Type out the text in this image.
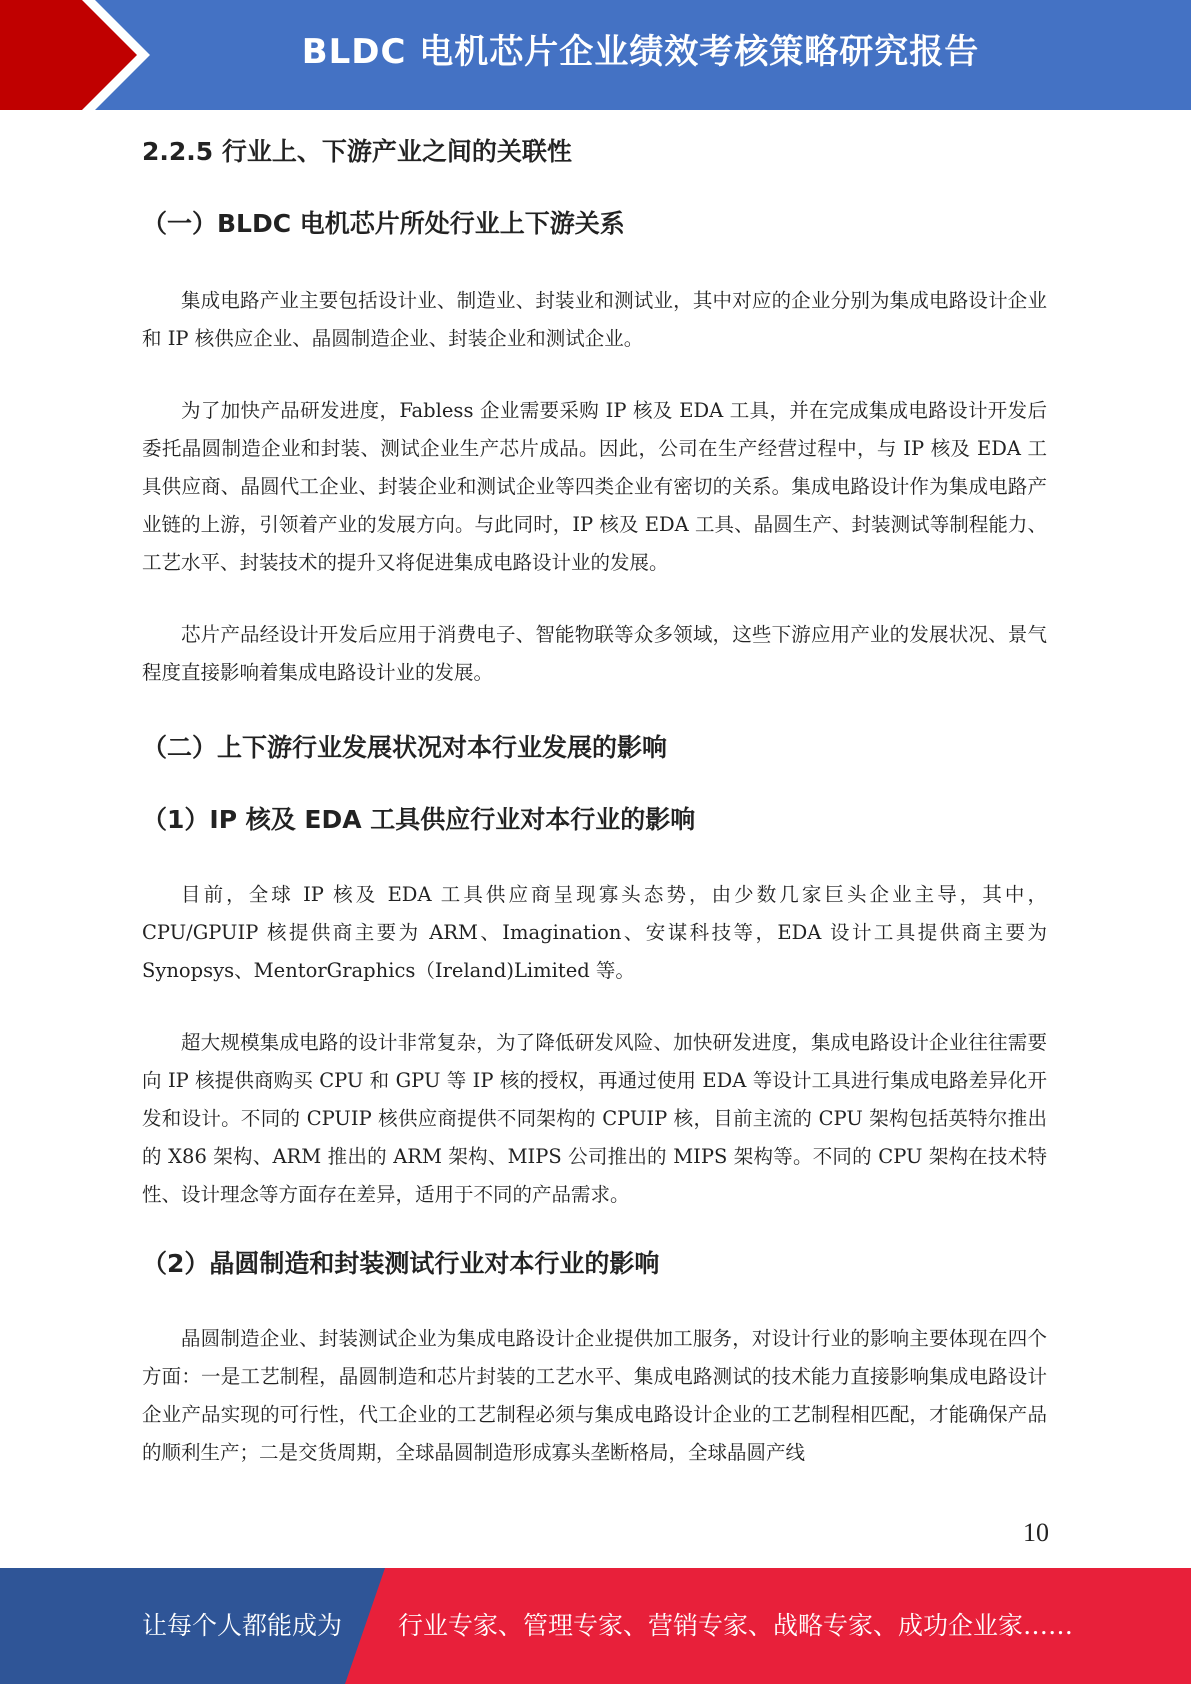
BLDC 电机芯片企业绩效考核策略研究报告
2.2.5 行业上、下游产业之间的关联性
（一）BLDC 电机芯片所处行业上下游关系

集成电路产业主要包括设计业、制造业、封装业和测试业，其中对应的企业分别为集成电路设计企业和 IP 核供应企业、晶圆制造企业、封装企业和测试企业。

为了加快产品研发进度，Fabless 企业需要采购 IP 核及 EDA 工具，并在完成集成电路设计开发后委托晶圆制造企业和封装、测试企业生产芯片成品。因此，公司在生产经营过程中，与 IP 核及 EDA 工具供应商、晶圆代工企业、封装企业和测试企业等四类企业有密切的关系。集成电路设计作为集成电路产业链的上游，引领着产业的发展方向。与此同时，IP 核及 EDA 工具、晶圆生产、封装测试等制程能力、工艺水平、封装技术的提升又将促进集成电路设计业的发展。

芯片产品经设计开发后应用于消费电子、智能物联等众多领域，这些下游应用产业的发展状况、景气程度直接影响着集成电路设计业的发展。

（二）上下游行业发展状况对本行业发展的影响
（1）IP 核及 EDA 工具供应行业对本行业的影响

目前，全球 IP 核及 EDA 工具供应商呈现寡头态势，由少数几家巨头企业主导，其中，CPU/GPUIP 核提供商主要为 ARM、Imagination、安谋科技等，EDA 设计工具提供商主要为 Synopsys、MentorGraphics（Ireland)Limited 等。

超大规模集成电路的设计非常复杂，为了降低研发风险、加快研发进度，集成电路设计企业往往需要向 IP 核提供商购买 CPU 和 GPU 等 IP 核的授权，再通过使用 EDA 等设计工具进行集成电路差异化开发和设计。不同的 CPUIP 核供应商提供不同架构的 CPUIP 核，目前主流的 CPU 架构包括英特尔推出的 X86 架构、ARM 推出的 ARM 架构、MIPS 公司推出的 MIPS 架构等。不同的 CPU 架构在技术特性、设计理念等方面存在差异，适用于不同的产品需求。

（2）晶圆制造和封装测试行业对本行业的影响

晶圆制造企业、封装测试企业为集成电路设计企业提供加工服务，对设计行业的影响主要体现在四个方面：一是工艺制程，晶圆制造和芯片封装的工艺水平、集成电路测试的技术能力直接影响集成电路设计企业产品实现的可行性，代工企业的工艺制程必须与集成电路设计企业的工艺制程相匹配，才能确保产品的顺利生产；二是交货周期，全球晶圆制造形成寡头垄断格局，全球晶圆产线

10
让每个人都能成为 行业专家、管理专家、营销专家、战略专家、成功企业家……
